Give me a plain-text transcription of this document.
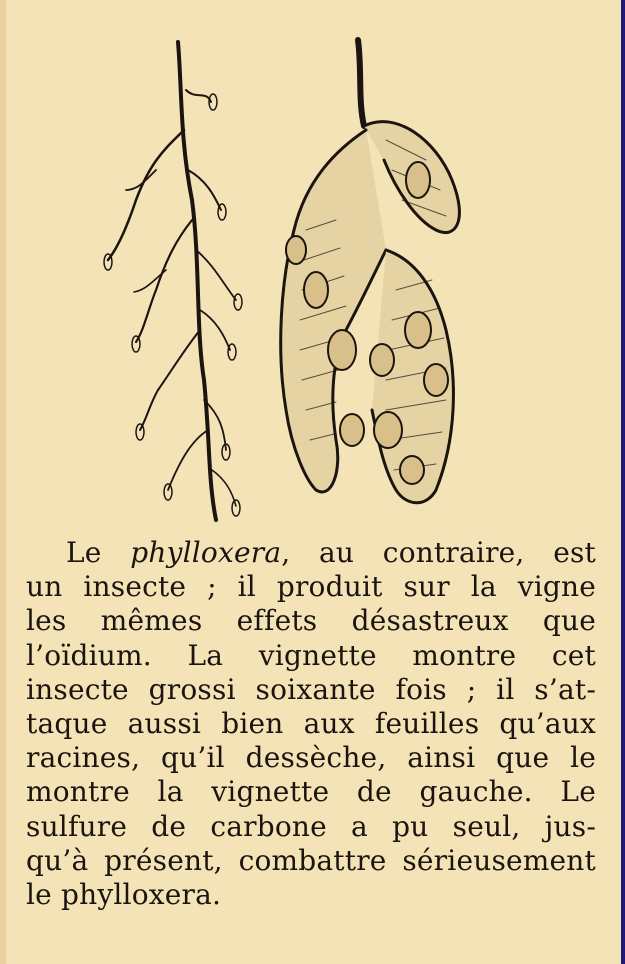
Le phylloxera, au contraire, est
un insecte ; il produit sur la vigne
les mêmes effets désastreux que
l’oïdium. La vignette montre cet
insecte grossi soixante fois ; il s’at-
taque aussi bien aux feuilles qu’aux
racines, qu’il dessèche, ainsi que le
montre la vignette de gauche. Le
sulfure de carbone a pu seul, jus-
qu’à présent, combattre sérieusement
le phylloxera.
